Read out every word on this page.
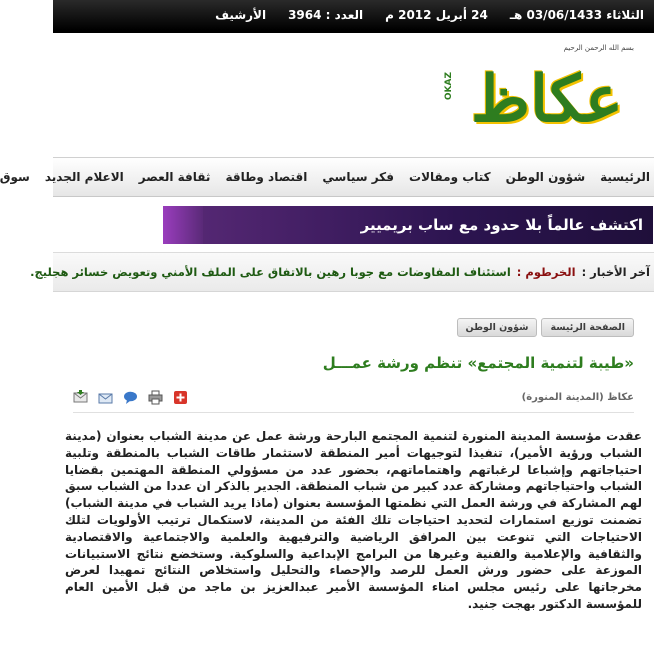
الثلاثاء 03/06/1433 هـ
24 أبريل 2012 م
العدد : 3964
الأرشيف
بسم الله الرحمن الرحيم
عكاظ
OKAZ
الرئيسية
شؤون الوطن
كتاب ومقالات
فكر سياسي
اقتصاد وطاقة
ثقافة العصر
الاعلام الجديد
سوق
اكتشف عالماً بلا حدود مع ساب بريميير
آخر الأخبار :
الخرطوم :
استئناف المفاوضات مع جوبا رهين بالاتفاق على الملف الأمني وتعويض خسائر هجليج.
الصفحة الرئيسة
شؤون الوطن
«طيبة لتنمية المجتمع» تنظم ورشة عمـــل
عكاظ (المدينة المنورة)
عقدت مؤسسة المدينة المنورة لتنمية المجتمع البارحة ورشة عمل عن مدينة الشباب بعنوان (مدينة الشباب ورؤية الأمير)، تنفيذا لتوجيهات أمير المنطقة لاستثمار طاقات الشباب بالمنطقة وتلبية احتياجاتهم وإشباعا لرغباتهم واهتماماتهم، بحضور عدد من مسؤولي المنطقة المهتمين بقضايا الشباب واحتياجاتهم ومشاركة عدد كبير من شباب المنطقة. الجدير بالذكر ان عددا من الشباب سبق لهم المشاركة في ورشة العمل التي نظمتها المؤسسة بعنوان (ماذا يريد الشباب في مدينة الشباب) تضمنت توزيع استمارات لتحديد احتياجات تلك الفئة من المدينة، لاستكمال ترتيب الأولويات لتلك الاحتياجات التي تنوعت بين المرافق الرياضية والترفيهية والعلمية والاجتماعية والاقتصادية والثقافية والإعلامية والفنية وغيرها من البرامج الإبداعية والسلوكية. وستخضع نتائج الاستبيانات الموزعة على حضور ورش العمل للرصد والإحصاء والتحليل واستخلاص النتائج تمهيدا لعرض مخرجاتها على رئيس مجلس امناء المؤسسة الأمير عبدالعزيز بن ماجد من قبل الأمين العام للمؤسسة الدكتور بهجت جنيد.
